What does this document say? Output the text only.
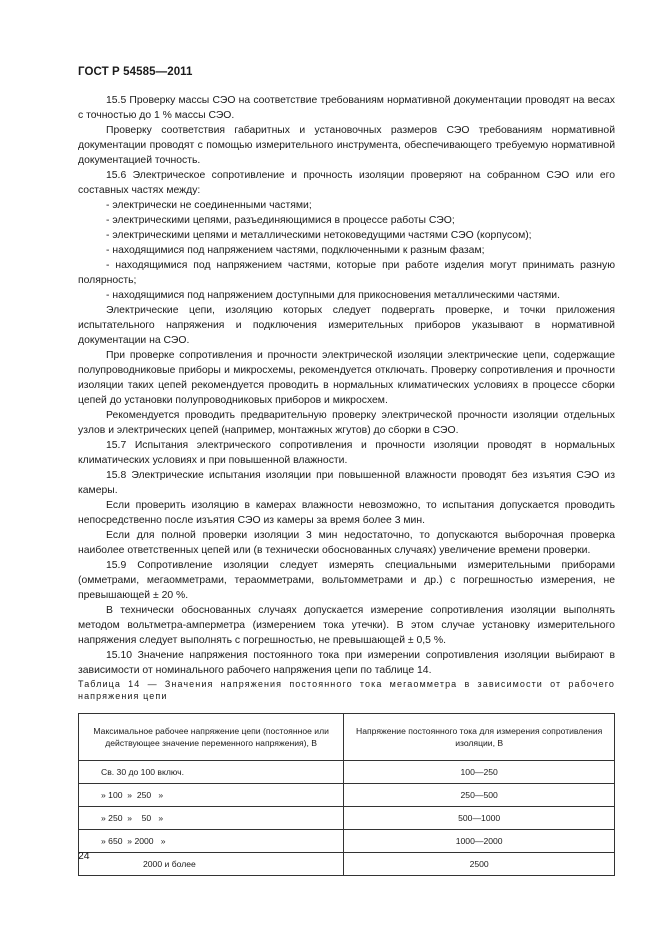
ГОСТ Р 54585—2011

15.5 Проверку массы СЭО на соответствие требованиям нормативной документации проводят на весах с точностью до 1 % массы СЭО.

Проверку соответствия габаритных и установочных размеров СЭО требованиям нормативной документации проводят с помощью измерительного инструмента, обеспечивающего требуемую нормативной документацией точность.

15.6 Электрическое сопротивление и прочность изоляции проверяют на собранном СЭО или его составных частях между:

- электрически не соединенными частями;

- электрическими цепями, разъединяющимися в процессе работы СЭО;

- электрическими цепями и металлическими нетоковедущими частями СЭО (корпусом);

- находящимися под напряжением частями, подключенными к разным фазам;

- находящимися под напряжением частями, которые при работе изделия могут принимать разную полярность;

- находящимися под напряжением доступными для прикосновения металлическими частями.

Электрические цепи, изоляцию которых следует подвергать проверке, и точки приложения испытательного напряжения и подключения измерительных приборов указывают в нормативной документации на СЭО.

При проверке сопротивления и прочности электрической изоляции электрические цепи, содержащие полупроводниковые приборы и микросхемы, рекомендуется отключать. Проверку сопротивления и прочности изоляции таких цепей рекомендуется проводить в нормальных климатических условиях в процессе сборки цепей до установки полупроводниковых приборов и микросхем.

Рекомендуется проводить предварительную проверку электрической прочности изоляции отдельных узлов и электрических цепей (например, монтажных жгутов) до сборки в СЭО.

15.7 Испытания электрического сопротивления и прочности изоляции проводят в нормальных климатических условиях и при повышенной влажности.

15.8 Электрические испытания изоляции при повышенной влажности проводят без изъятия СЭО из камеры.

Если проверить изоляцию в камерах влажности невозможно, то испытания допускается проводить непосредственно после изъятия СЭО из камеры за время более 3 мин.

Если для полной проверки изоляции 3 мин недостаточно, то допускаются выборочная проверка наиболее ответственных цепей или (в технически обоснованных случаях) увеличение времени проверки.

15.9 Сопротивление изоляции следует измерять специальными измерительными приборами (омметрами, мегаомметрами, тераомметрами, вольтомметрами и др.) с погрешностью измерения, не превышающей ± 20 %.

В технически обоснованных случаях допускается измерение сопротивления изоляции выполнять методом вольтметра-амперметра (измерением тока утечки). В этом случае установку измерительного напряжения следует выполнять с погрешностью, не превышающей ± 0,5 %.

15.10 Значение напряжения постоянного тока при измерении сопротивления изоляции выбирают в зависимости от номинального рабочего напряжения цепи по таблице 14.

Таблица 14 — Значения напряжения постоянного тока мегаомметра в зависимости от рабочего напряжения цепи

Максимальное рабочее напряжение цепи (постоянное или действующее значение переменного напряжения), В	Напряжение постоянного тока для измерения сопротивления изоляции, В
Св. 30 до 100 включ.	100—250
» 100  »  250   »	250—500
» 250  »    50   »	500—1000
» 650  » 2000   »	1000—2000
2000 и более	2500
24
